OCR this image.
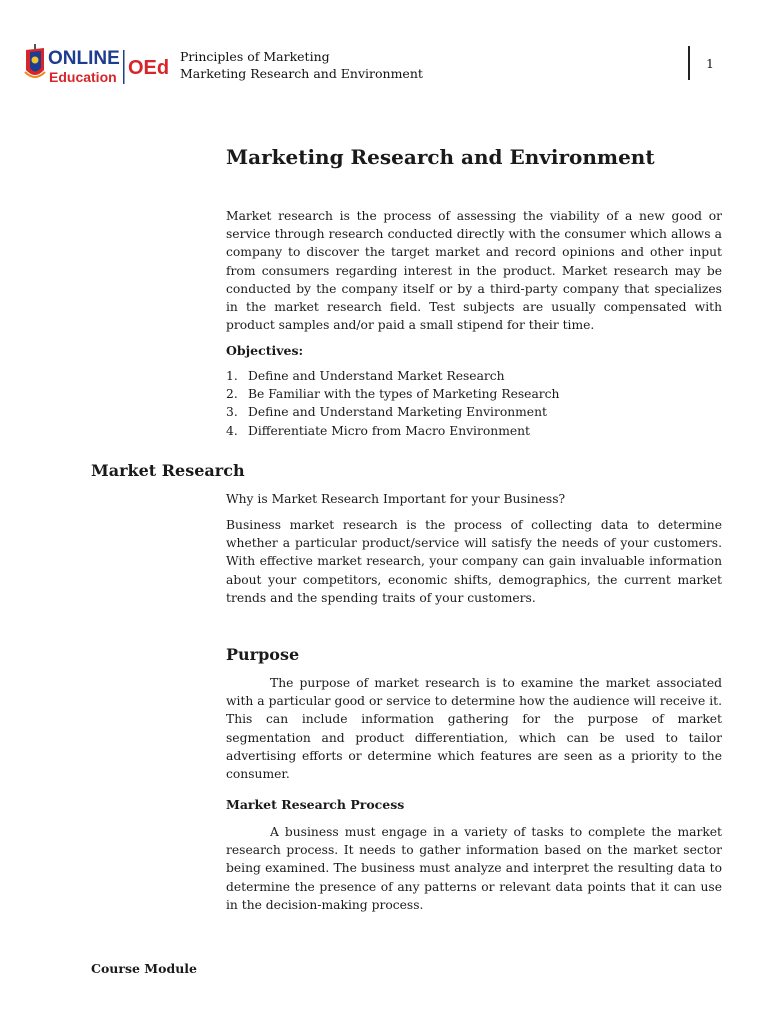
ONLINE
Education OEd
Principles of Marketing
Marketing Research and Environment
1
Marketing Research and Environment

Market research is the process of assessing the viability of a new good or service through research conducted directly with the consumer which allows a company to discover the target market and record opinions and other input from consumers regarding interest in the product. Market research may be conducted by the company itself or by a third-party company that specializes in the market research field. Test subjects are usually compensated with product samples and/or paid a small stipend for their time.

Objectives:
1. Define and Understand Market Research
2. Be Familiar with the types of Marketing Research
3. Define and Understand Marketing Environment
4. Differentiate Micro from Macro Environment
Market Research

Why is Market Research Important for your Business?

Business market research is the process of collecting data to determine whether a particular product/service will satisfy the needs of your customers. With effective market research, your company can gain invaluable information about your competitors, economic shifts, demographics, the current market trends and the spending traits of your customers.

Purpose

The purpose of market research is to examine the market associated with a particular good or service to determine how the audience will receive it. This can include information gathering for the purpose of market segmentation and product differentiation, which can be used to tailor advertising efforts or determine which features are seen as a priority to the consumer.

Market Research Process

A business must engage in a variety of tasks to complete the market research process. It needs to gather information based on the market sector being examined. The business must analyze and interpret the resulting data to determine the presence of any patterns or relevant data points that it can use in the decision-making process.

Course Module
